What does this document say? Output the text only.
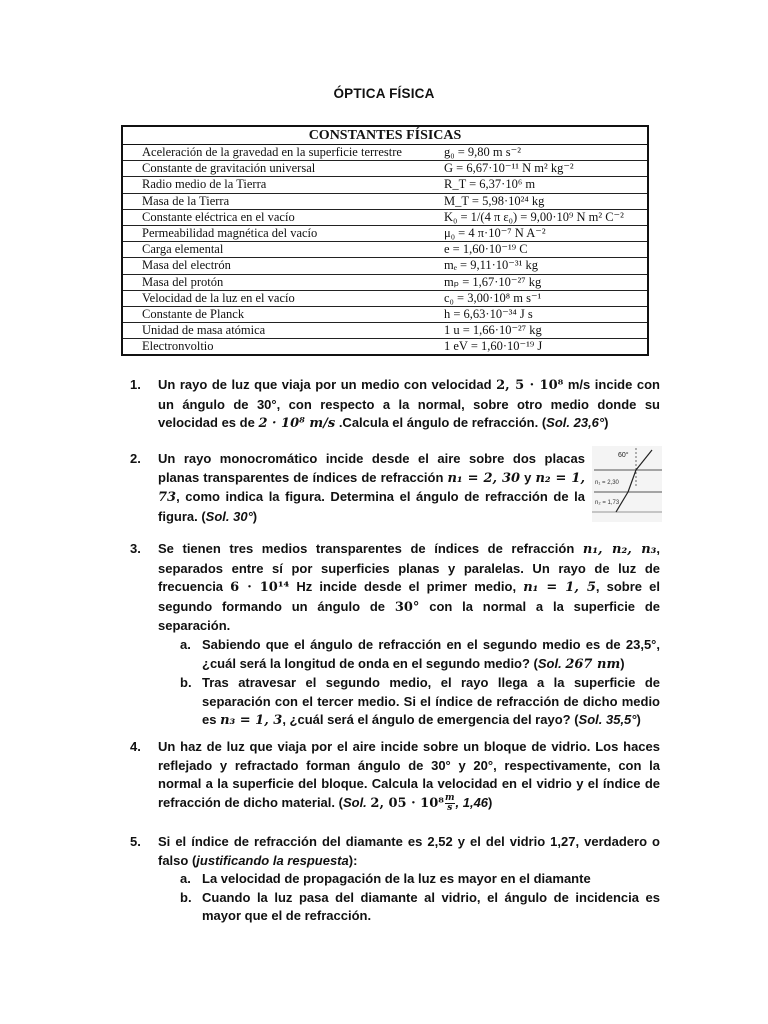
ÓPTICA FÍSICA
CONSTANTES FÍSICAS	
Aceleración de la gravedad en la superficie terrestre	g₀ = 9,80 m s⁻²
Constante de gravitación universal	G = 6,67·10⁻¹¹ N m² kg⁻²
Radio medio de la Tierra	R_T = 6,37·10⁶ m
Masa de la Tierra	M_T = 5,98·10²⁴ kg
Constante eléctrica en el vacío	K₀ = 1/(4 π ε₀) = 9,00·10⁹ N m² C⁻²
Permeabilidad magnética del vacío	μ₀ = 4 π·10⁻⁷ N A⁻²
Carga elemental	e = 1,60·10⁻¹⁹ C
Masa del electrón	mₑ = 9,11·10⁻³¹ kg
Masa del protón	mₚ = 1,67·10⁻²⁷ kg
Velocidad de la luz en el vacío	c₀ = 3,00·10⁸ m s⁻¹
Constante de Planck	h = 6,63·10⁻³⁴ J s
Unidad de masa atómica	1 u = 1,66·10⁻²⁷ kg
Electronvoltio	1 eV = 1,60·10⁻¹⁹ J
1. Un rayo de luz que viaja por un medio con velocidad 2, 5 · 10⁸ m/s incide con un ángulo de 30°, con respecto a la normal, sobre otro medio donde su velocidad es de 2 · 10⁸ m/s .Calcula el ángulo de refracción. (Sol. 23,6°)
2. Un rayo monocromático incide desde el aire sobre dos placas planas transparentes de índices de refracción n₁ = 2, 30 y n₂ = 1, 73, como indica la figura. Determina el ángulo de refracción de la figura. (Sol. 30°)
60°
n₁ = 2,30
n₂ = 1,73
3. Se tienen tres medios transparentes de índices de refracción n₁, n₂, n₃, separados entre sí por superficies planas y paralelas. Un rayo de luz de frecuencia 6 · 10¹⁴ Hz incide desde el primer medio, n₁ = 1, 5, sobre el segundo formando un ángulo de 30° con la normal a la superficie de separación.
a. Sabiendo que el ángulo de refracción en el segundo medio es de 23,5°, ¿cuál será la longitud de onda en el segundo medio? (Sol. 267 nm)
b. Tras atravesar el segundo medio, el rayo llega a la superficie de separación con el tercer medio. Si el índice de refracción de dicho medio es n₃ = 1, 3, ¿cuál será el ángulo de emergencia del rayo? (Sol. 35,5°)
4. Un haz de luz que viaja por el aire incide sobre un bloque de vidrio. Los haces reflejado y refractado forman ángulo de 30° y 20°, respectivamente, con la normal a la superficie del bloque. Calcula la velocidad en el vidrio y el índice de refracción de dicho material. (Sol. 2, $05 \cdot 10^8 \frac{m}{s}$ , 1,46)
5. Si el índice de refracción del diamante es 2,52 y el del vidrio 1,27, verdadero o falso (justificando la respuesta):
a. La velocidad de propagación de la luz es mayor en el diamante
b. Cuando la luz pasa del diamante al vidrio, el ángulo de incidencia es mayor que el de refracción.
